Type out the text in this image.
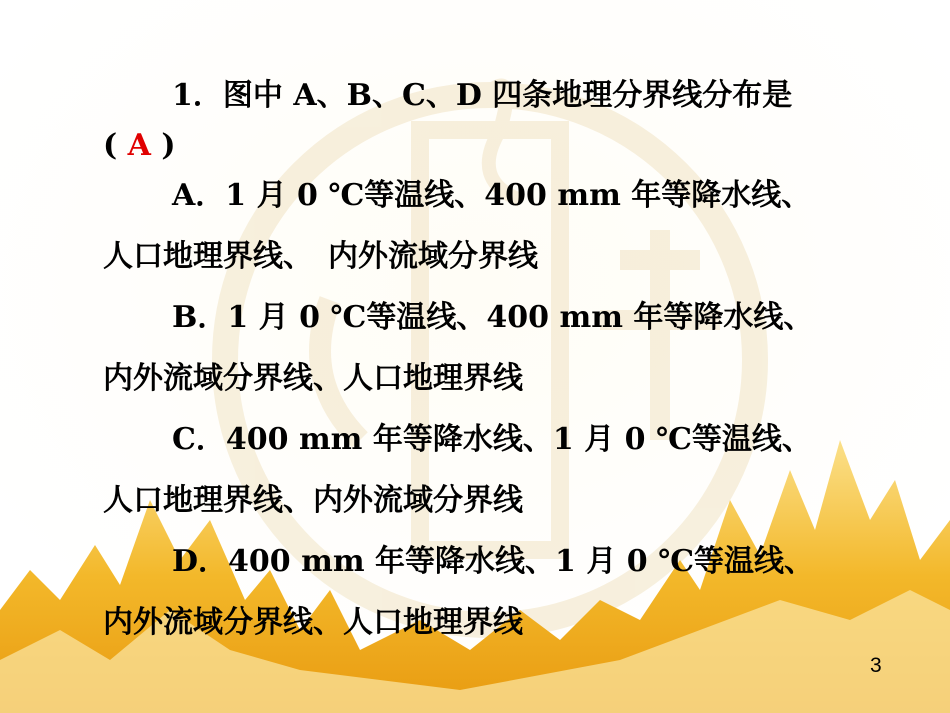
1．图中 A、B、C、D 四条地理分界线分布是
( A )
A．1 月 0 ℃等温线、400 mm 年等降水线、
人口地理界线、　内外流域分界线
B．1 月 0 ℃等温线、400 mm 年等降水线、
内外流域分界线、人口地理界线
C．400 mm 年等降水线、1 月 0 ℃等温线、
人口地理界线、内外流域分界线
D．400 mm 年等降水线、1 月 0 ℃等温线、
内外流域分界线、人口地理界线
3
